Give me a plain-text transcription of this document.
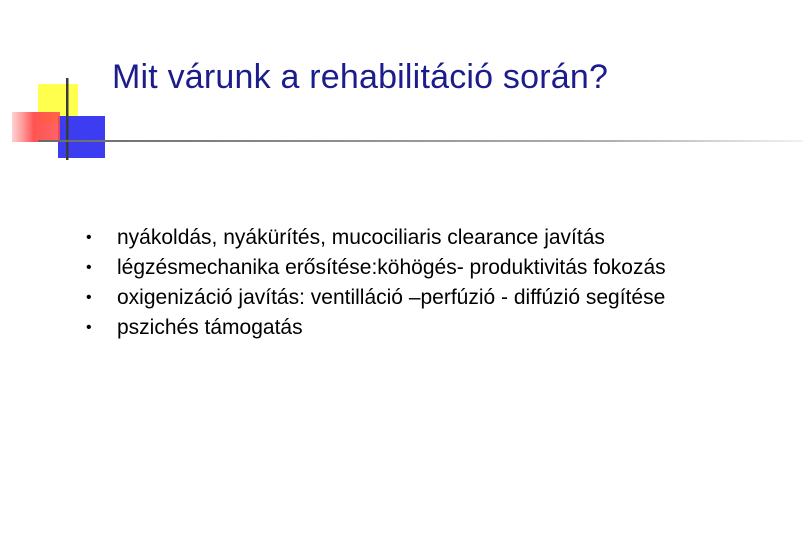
Mit várunk a rehabilitáció során?
• nyákoldás, nyákürítés, mucociliaris clearance javítás
• légzésmechanika erősítése:köhögés- produktivitás fokozás
• oxigenizáció javítás: ventilláció –perfúzió - diffúzió segítése
• pszichés támogatás
